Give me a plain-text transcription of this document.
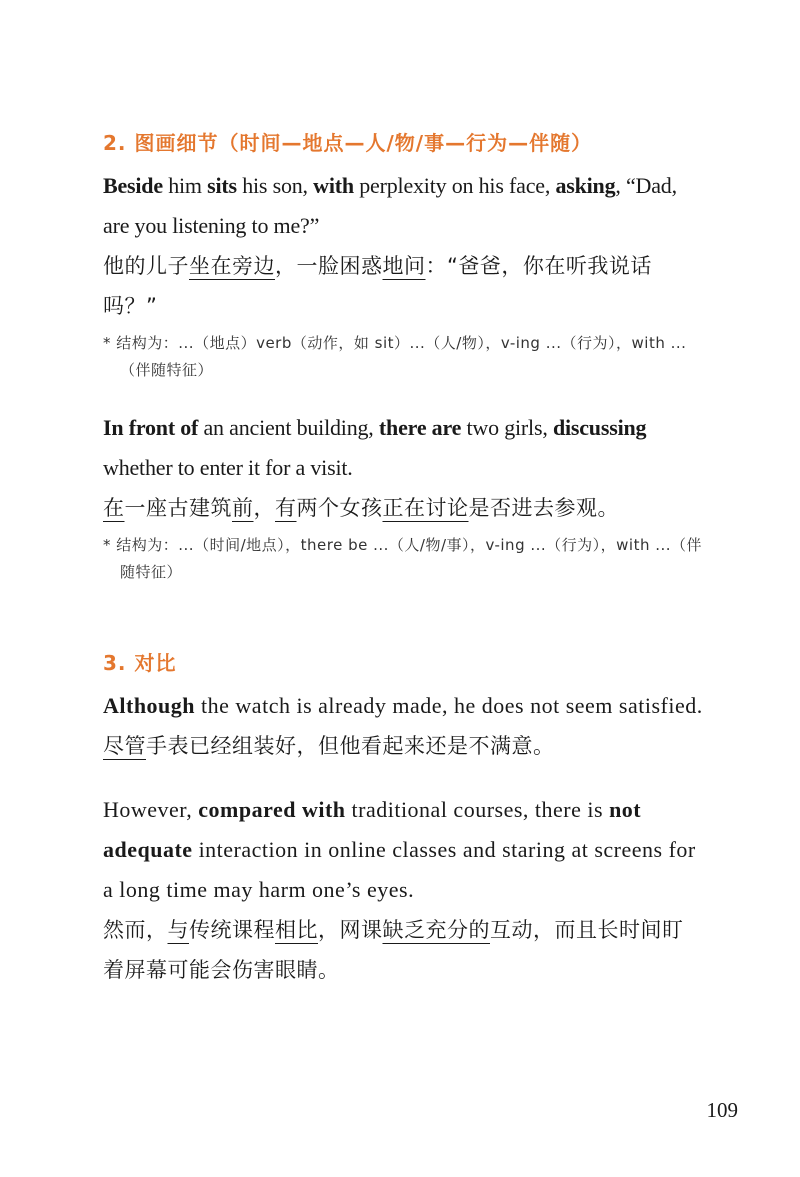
2. 图画细节（时间—地点—人/物/事—行为—伴随）

Beside him sits his son, with perplexity on his face, asking, “Dad, are you listening to me?”

他的儿子坐在旁边，一脸困惑地问：“爸爸，你在听我说话吗？”

* 结构为：...（地点）verb（动作，如 sit）...（人/物），v-ing ...（行为），with ...（伴随特征）

In front of an ancient building, there are two girls, discussing whether to enter it for a visit.

在一座古建筑前，有两个女孩正在讨论是否进去参观。

* 结构为：...（时间/地点），there be ...（人/物/事），v-ing ...（行为），with ...（伴随特征）

3. 对比

Although the watch is already made, he does not seem satisfied.

尽管手表已经组装好，但他看起来还是不满意。

However, compared with traditional courses, there is not adequate interaction in online classes and staring at screens for a long time may harm one’s eyes.

然而，与传统课程相比，网课缺乏充分的互动，而且长时间盯着屏幕可能会伤害眼睛。

109
